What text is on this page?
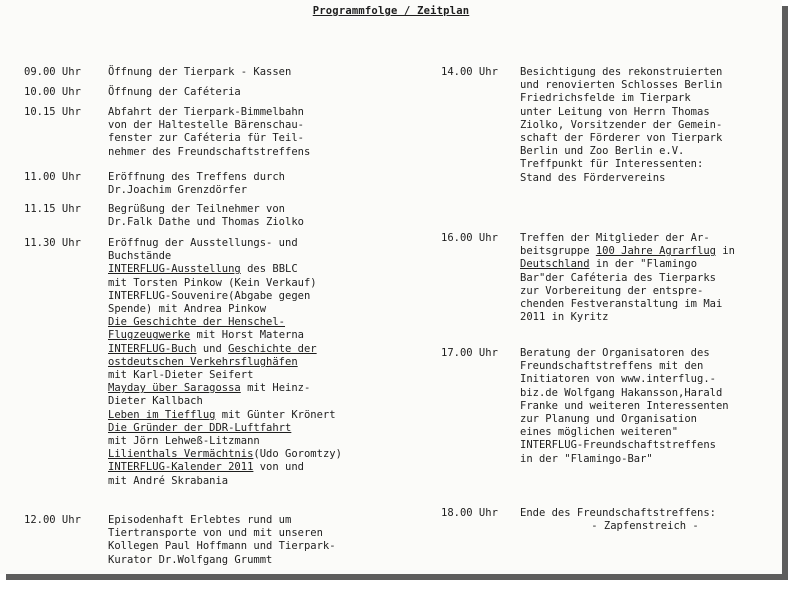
Programmfolge / Zeitplan
09.00 Uhr	Öffnung der Tierpark - Kassen
10.00 Uhr	Öffnung der Caféteria
10.15 Uhr	Abfahrt der Tierpark-Bimmelbahn
von der Haltestelle Bärenschau-
fenster zur Caféteria für Teil-
nehmer des Freundschaftstreffens
11.00 Uhr	Eröffnung des Treffens durch
Dr.Joachim Grenzdörfer
11.15 Uhr	Begrüßung der Teilnehmer von
Dr.Falk Dathe und Thomas Ziolko
11.30 Uhr	Eröffnug der Ausstellungs- und
Buchstände
INTERFLUG-Ausstellung des BBLC
mit Torsten Pinkow (Kein Verkauf)
INTERFLUG-Souvenire(Abgabe gegen
Spende) mit Andrea Pinkow
Die Geschichte der Henschel-
Flugzeugwerke mit Horst Materna
INTERFLUG-Buch und Geschichte der
ostdeutschen Verkehrsflughäfen
mit Karl-Dieter Seifert
Mayday über Saragossa mit Heinz-
Dieter Kallbach
Leben im Tiefflug mit Günter Krönert
Die Gründer der DDR-Luftfahrt
mit Jörn Lehweß-Litzmann
Lilienthals Vermächtnis(Udo Goromtzy)
INTERFLUG-Kalender 2011 von und
mit André Skrabania
12.00 Uhr	Episodenhaft Erlebtes rund um
Tiertransporte von und mit unseren
Kollegen Paul Hoffmann und Tierpark-
Kurator Dr.Wolfgang Grummt
14.00 Uhr	Besichtigung des rekonstruierten
und renovierten Schlosses Berlin
Friedrichsfelde im Tierpark
unter Leitung von Herrn Thomas
Ziolko, Vorsitzender der Gemein-
schaft der Förderer von Tierpark
Berlin und Zoo Berlin e.V.
Treffpunkt für Interessenten:
Stand des Fördervereins
16.00 Uhr	Treffen der Mitglieder der Ar-
beitsgruppe 100 Jahre Agrarflug in
Deutschland in der "Flamingo
Bar"der Caféteria des Tierparks
zur Vorbereitung der entspre-
chenden Festveranstaltung im Mai
2011 in Kyritz
17.00 Uhr	Beratung der Organisatoren des
Freundschaftstreffens mit den
Initiatoren von www.interflug.-
biz.de Wolfgang Hakansson,Harald
Franke und weiteren Interessenten
zur Planung und Organisation
eines möglichen weiteren"
INTERFLUG-Freundschaftstreffens
in der "Flamingo-Bar"
18.00 Uhr	Ende des Freundschaftstreffens:
- Zapfenstreich -
